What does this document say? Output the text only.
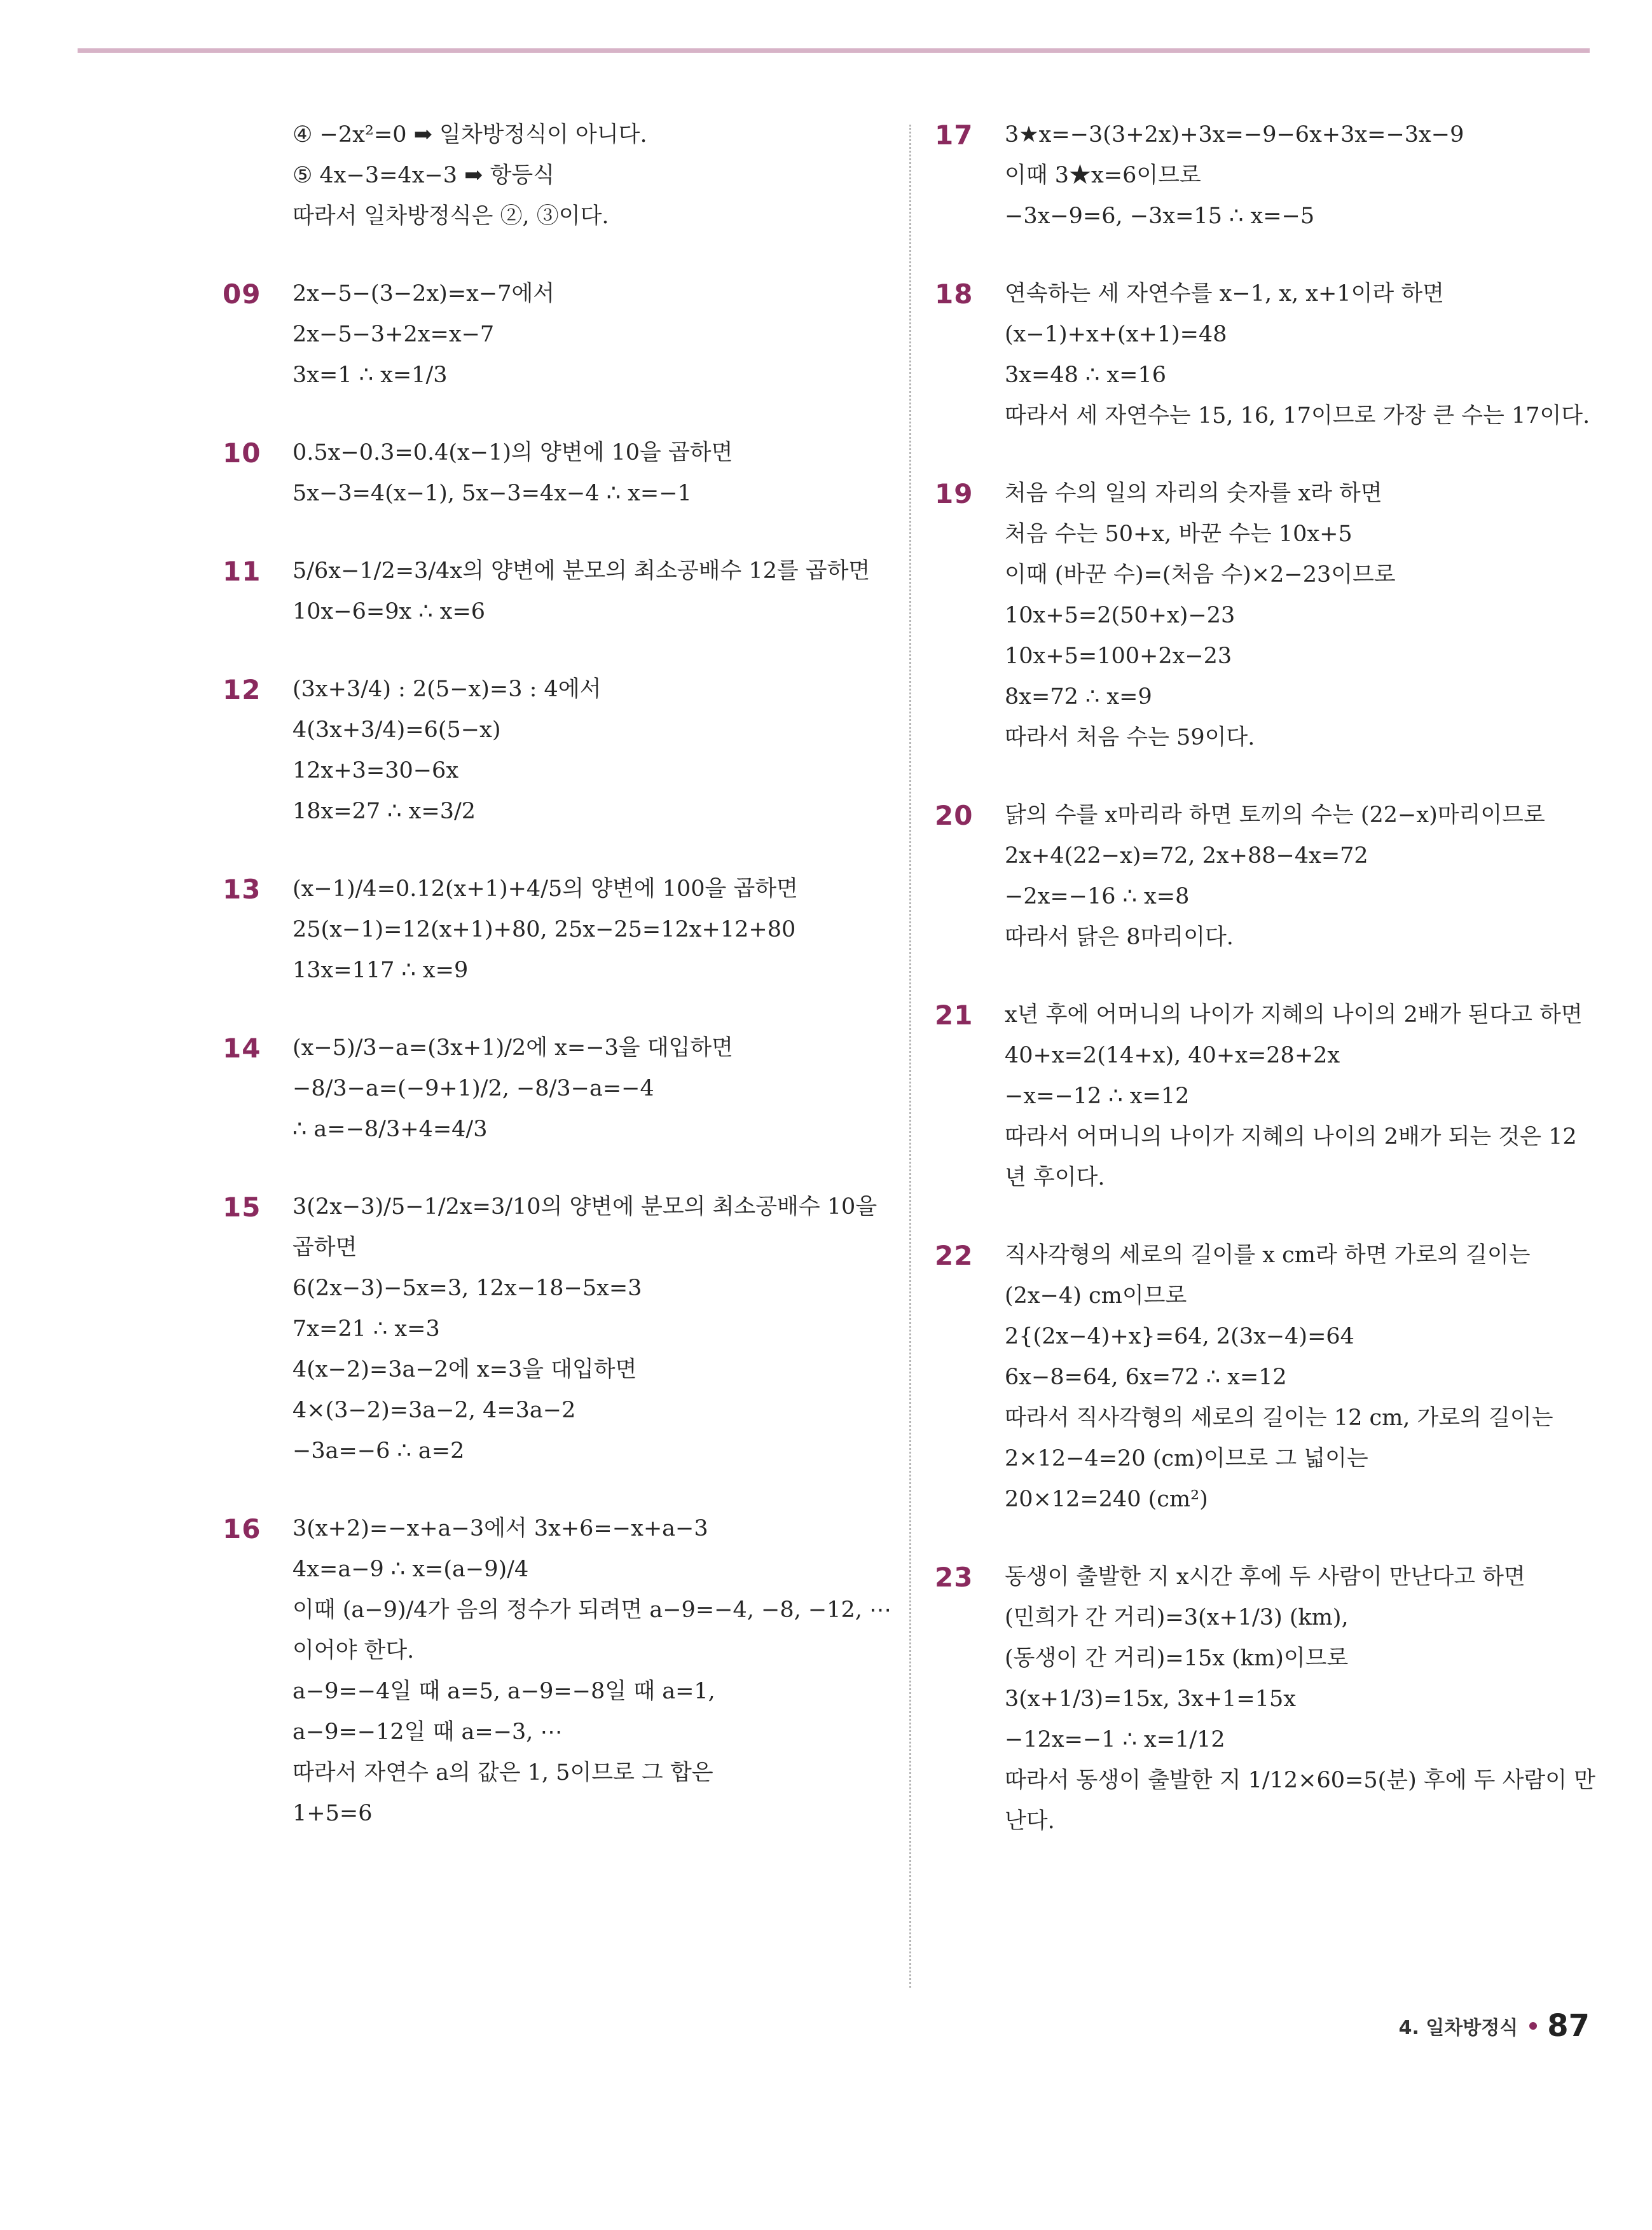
④ −2x²=0 ➡ 일차방정식이 아니다.
⑤ 4x−3=4x−3 ➡ 항등식
따라서 일차방정식은 ②, ③이다.
09 2x−5−(3−2x)=x−7에서
2x−5−3+2x=x−7
3x=1 ∴ x=1/3
10 0.5x−0.3=0.4(x−1)의 양변에 10을 곱하면
5x−3=4(x−1), 5x−3=4x−4 ∴ x=−1
11 5/6x−1/2=3/4x의 양변에 분모의 최소공배수 12를 곱하면
10x−6=9x ∴ x=6
12 (3x+3/4) : 2(5−x)=3 : 4에서
4(3x+3/4)=6(5−x)
12x+3=30−6x
18x=27 ∴ x=3/2
13 (x−1)/4=0.12(x+1)+4/5의 양변에 100을 곱하면
25(x−1)=12(x+1)+80, 25x−25=12x+12+80
13x=117 ∴ x=9
14 (x−5)/3−a=(3x+1)/2에 x=−3을 대입하면
−8/3−a=(−9+1)/2, −8/3−a=−4
∴ a=−8/3+4=4/3
15 3(2x−3)/5−1/2x=3/10의 양변에 분모의 최소공배수 10을
곱하면
6(2x−3)−5x=3, 12x−18−5x=3
7x=21 ∴ x=3
4(x−2)=3a−2에 x=3을 대입하면
4×(3−2)=3a−2, 4=3a−2
−3a=−6 ∴ a=2
16 3(x+2)=−x+a−3에서 3x+6=−x+a−3
4x=a−9 ∴ x=(a−9)/4
이때 (a−9)/4가 음의 정수가 되려면 a−9=−4, −8, −12, ⋯
이어야 한다.
a−9=−4일 때 a=5, a−9=−8일 때 a=1,
a−9=−12일 때 a=−3, ⋯
따라서 자연수 a의 값은 1, 5이므로 그 합은
1+5=6
17 3★x=−3(3+2x)+3x=−9−6x+3x=−3x−9
이때 3★x=6이므로
−3x−9=6, −3x=15 ∴ x=−5
18 연속하는 세 자연수를 x−1, x, x+1이라 하면
(x−1)+x+(x+1)=48
3x=48 ∴ x=16
따라서 세 자연수는 15, 16, 17이므로 가장 큰 수는 17이다.
19 처음 수의 일의 자리의 숫자를 x라 하면
처음 수는 50+x, 바꾼 수는 10x+5
이때 (바꾼 수)=(처음 수)×2−23이므로
10x+5=2(50+x)−23
10x+5=100+2x−23
8x=72 ∴ x=9
따라서 처음 수는 59이다.
20 닭의 수를 x마리라 하면 토끼의 수는 (22−x)마리이므로
2x+4(22−x)=72, 2x+88−4x=72
−2x=−16 ∴ x=8
따라서 닭은 8마리이다.
21 x년 후에 어머니의 나이가 지혜의 나이의 2배가 된다고 하면
40+x=2(14+x), 40+x=28+2x
−x=−12 ∴ x=12
따라서 어머니의 나이가 지혜의 나이의 2배가 되는 것은 12
년 후이다.
22 직사각형의 세로의 길이를 x cm라 하면 가로의 길이는
(2x−4) cm이므로
2{(2x−4)+x}=64, 2(3x−4)=64
6x−8=64, 6x=72 ∴ x=12
따라서 직사각형의 세로의 길이는 12 cm, 가로의 길이는
2×12−4=20 (cm)이므로 그 넓이는
20×12=240 (cm²)
23 동생이 출발한 지 x시간 후에 두 사람이 만난다고 하면
(민희가 간 거리)=3(x+1/3) (km),
(동생이 간 거리)=15x (km)이므로
3(x+1/3)=15x, 3x+1=15x
−12x=−1 ∴ x=1/12
따라서 동생이 출발한 지 1/12×60=5(분) 후에 두 사람이 만
난다.
4. 일차방정식 87
